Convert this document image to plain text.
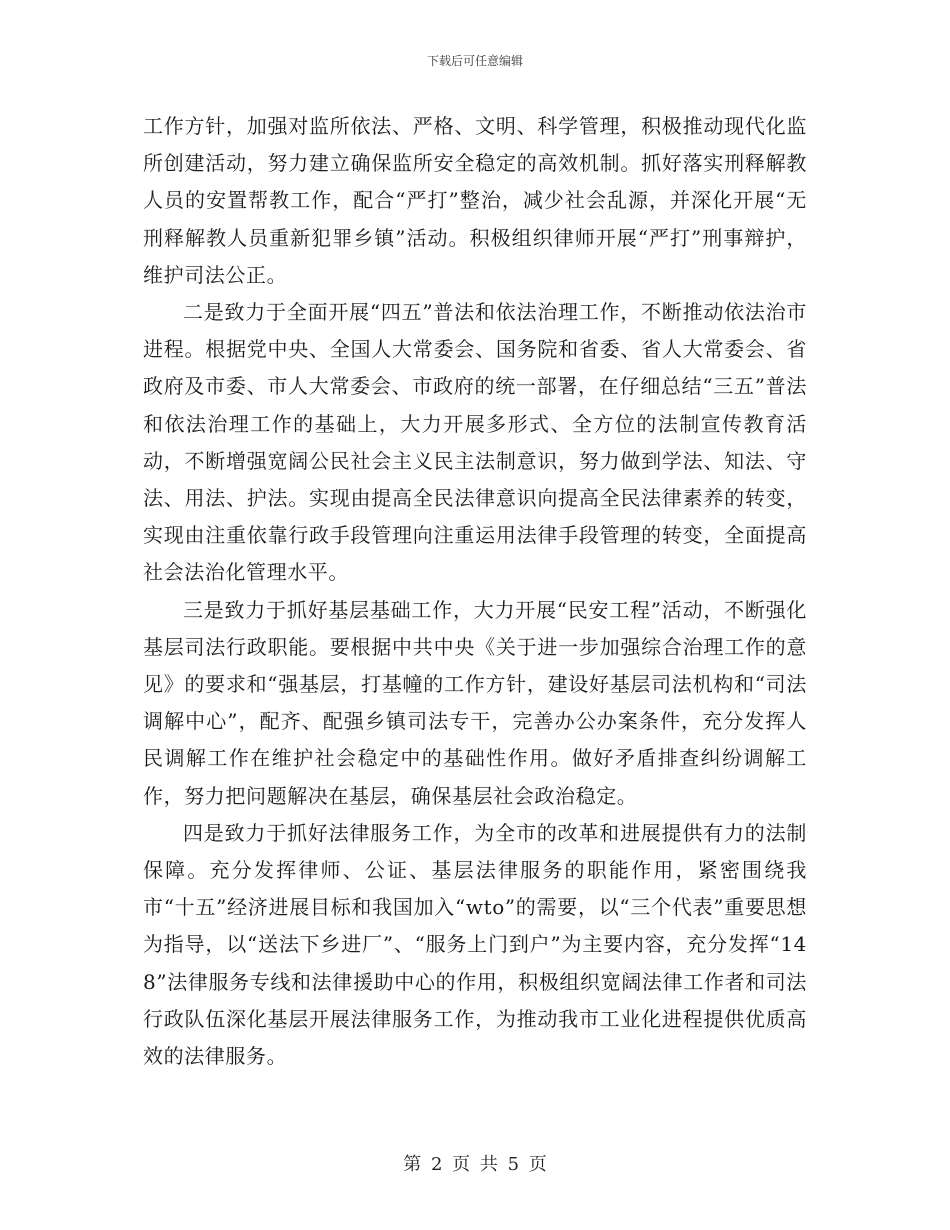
下载后可任意编辑

工作方针，加强对监所依法、严格、文明、科学管理，积极推动现代化监所创建活动，努力建立确保监所安全稳定的高效机制。抓好落实刑释解教人员的安置帮教工作，配合“严打”整治，减少社会乱源，并深化开展“无刑释解教人员重新犯罪乡镇”活动。积极组织律师开展“严打”刑事辩护，维护司法公正。

二是致力于全面开展“四五”普法和依法治理工作，不断推动依法治市进程。根据党中央、全国人大常委会、国务院和省委、省人大常委会、省政府及市委、市人大常委会、市政府的统一部署，在仔细总结“三五”普法和依法治理工作的基础上，大力开展多形式、全方位的法制宣传教育活动，不断增强宽阔公民社会主义民主法制意识，努力做到学法、知法、守法、用法、护法。实现由提高全民法律意识向提高全民法律素养的转变，实现由注重依靠行政手段管理向注重运用法律手段管理的转变，全面提高社会法治化管理水平。

三是致力于抓好基层基础工作，大力开展“民安工程”活动，不断强化基层司法行政职能。要根据中共中央《关于进一步加强综合治理工作的意见》的要求和“强基层，打基幢的工作方针，建设好基层司法机构和“司法调解中心”，配齐、配强乡镇司法专干，完善办公办案条件，充分发挥人民调解工作在维护社会稳定中的基础性作用。做好矛盾排查纠纷调解工作，努力把问题解决在基层，确保基层社会政治稳定。

四是致力于抓好法律服务工作，为全市的改革和进展提供有力的法制保障。充分发挥律师、公证、基层法律服务的职能作用，紧密围绕我市“十五”经济进展目标和我国加入“wto”的需要，以“三个代表”重要思想为指导，以“送法下乡进厂”、“服务上门到户”为主要内容，充分发挥“148”法律服务专线和法律援助中心的作用，积极组织宽阔法律工作者和司法行政队伍深化基层开展法律服务工作，为推动我市工业化进程提供优质高效的法律服务。

第 2 页 共 5 页
